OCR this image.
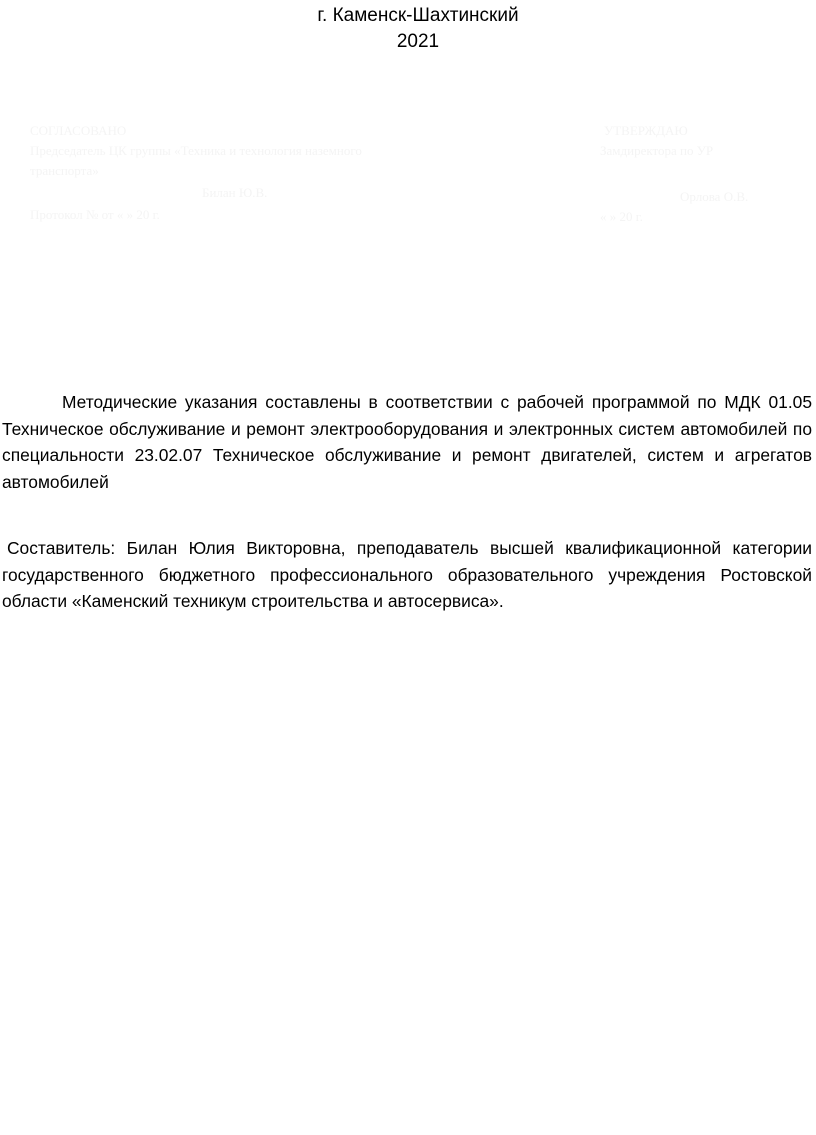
г. Каменск-Шахтинский
2021
СОГЛАСОВАНО
Председатель ЦК группы «Техника и технология наземного
транспорта»
Билан Ю.В.
Протокол № от « » 20 г.
УТВЕРЖДАЮ
Замдиректора по УР
Орлова О.В.
« » 20 г.

Методические указания составлены в соответствии с рабочей программой по МДК 01.05 Техническое обслуживание и ремонт электрооборудования и электронных систем автомобилей по специальности 23.02.07 Техническое обслуживание и ремонт двигателей, систем и агрегатов автомобилей

Составитель: Билан Юлия Викторовна, преподаватель высшей квалификационной категории государственного бюджетного профессионального образовательного учреждения Ростовской области «Каменский техникум строительства и автосервиса».
